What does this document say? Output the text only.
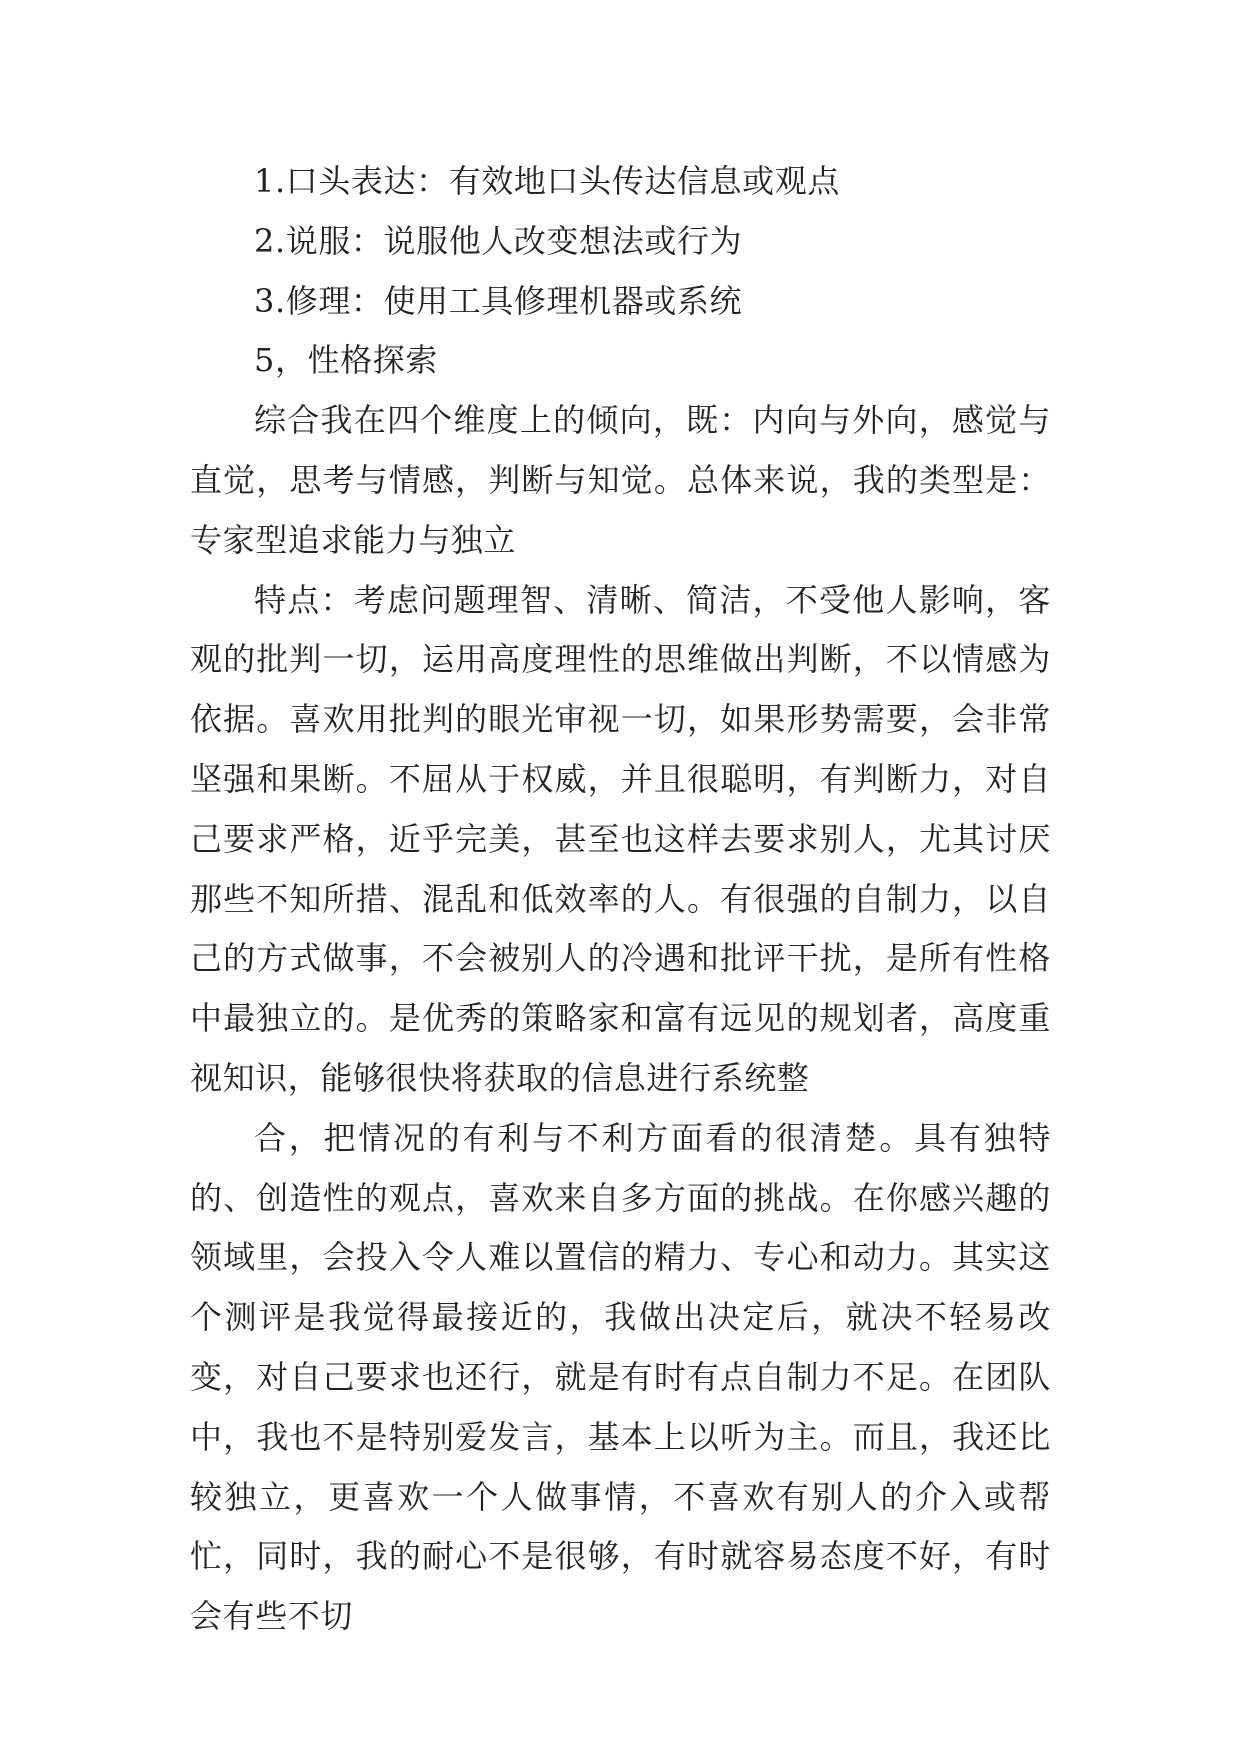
1.口头表达：有效地口头传达信息或观点

2.说服：说服他人改变想法或行为

3.修理：使用工具修理机器或系统

5，性格探索

综合我在四个维度上的倾向，既：内向与外向，感觉与直觉，思考与情感，判断与知觉。总体来说，我的类型是：专家型追求能力与独立

特点：考虑问题理智、清晰、简洁，不受他人影响，客观的批判一切，运用高度理性的思维做出判断，不以情感为依据。喜欢用批判的眼光审视一切，如果形势需要，会非常坚强和果断。不屈从于权威，并且很聪明，有判断力，对自己要求严格，近乎完美，甚至也这样去要求别人，尤其讨厌那些不知所措、混乱和低效率的人。有很强的自制力，以自己的方式做事，不会被别人的冷遇和批评干扰，是所有性格中最独立的。是优秀的策略家和富有远见的规划者，高度重视知识，能够很快将获取的信息进行系统整

合，把情况的有利与不利方面看的很清楚。具有独特的、创造性的观点，喜欢来自多方面的挑战。在你感兴趣的领域里，会投入令人难以置信的精力、专心和动力。其实这个测评是我觉得最接近的，我做出决定后，就决不轻易改变，对自己要求也还行，就是有时有点自制力不足。在团队中，我也不是特别爱发言，基本上以听为主。而且，我还比较独立，更喜欢一个人做事情，不喜欢有别人的介入或帮忙，同时，我的耐心不是很够，有时就容易态度不好，有时会有些不切
